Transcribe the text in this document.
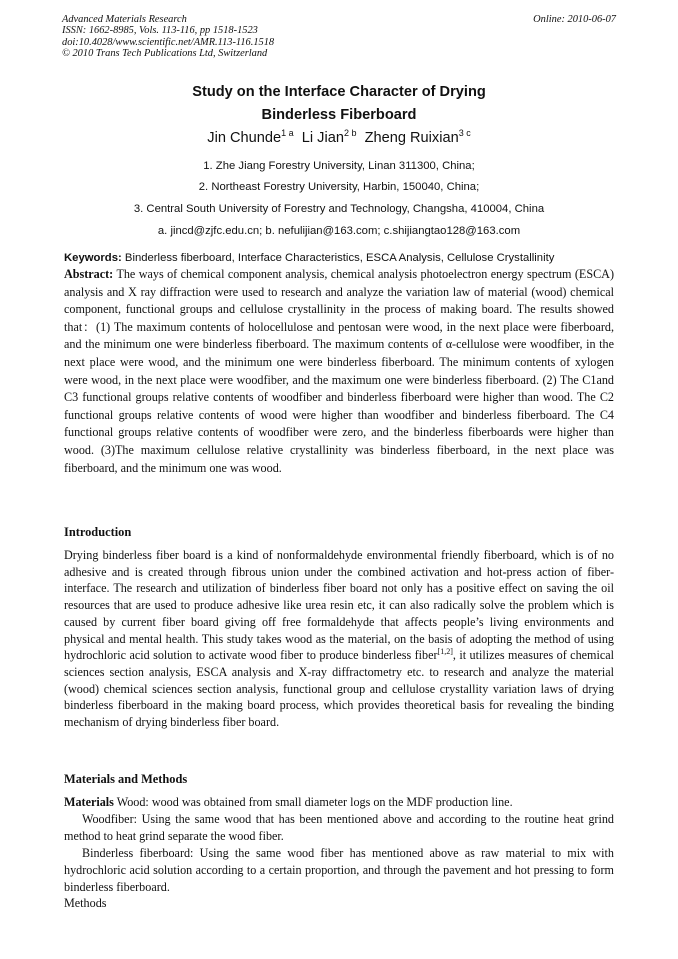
Advanced Materials Research
ISSN: 1662-8985, Vols. 113-116, pp 1518-1523
doi:10.4028/www.scientific.net/AMR.113-116.1518
© 2010 Trans Tech Publications Ltd, Switzerland
Online: 2010-06-07
Study on the Interface Character of Drying
Binderless Fiberboard
Jin Chunde$^{1 a}$ Li Jian$^{2 b}$ Zheng Ruixian$^{3 c}$
1. Zhe Jiang Forestry University, Linan 311300, China;
2. Northeast Forestry University, Harbin, 150040, China;
3. Central South University of Forestry and Technology, Changsha, 410004, China
a. jincd@zjfc.edu.cn; b. nefulijian@163.com; c.shijiangtao128@163.com
Keywords: Binderless fiberboard, Interface Characteristics, ESCA Analysis, Cellulose Crystallinity

Abstract: The ways of chemical component analysis, chemical analysis photoelectron energy spectrum (ESCA) analysis and X ray diffraction were used to research and analyze the variation law of material (wood) chemical component, functional groups and cellulose crystallinity in the process of making board. The results showed that：(1) The maximum contents of holocellulose and pentosan were wood, in the next place were fiberboard, and the minimum one were binderless fiberboard. The maximum contents of α-cellulose were woodfiber, in the next place were wood, and the minimum one were binderless fiberboard. The minimum contents of xylogen were wood, in the next place were woodfiber, and the maximum one were binderless fiberboard. (2) The C1and C3 functional groups relative contents of woodfiber and binderless fiberboard were higher than wood. The C2 functional groups relative contents of wood were higher than woodfiber and binderless fiberboard. The C4 functional groups relative contents of woodfiber were zero, and the binderless fiberboards were higher than wood. (3)The maximum cellulose relative crystallinity was binderless fiberboard, in the next place was fiberboard, and the minimum one was wood.

Introduction

Drying binderless fiber board is a kind of nonformaldehyde environmental friendly fiberboard, which is of no adhesive and is created through fibrous union under the combined activation and hot-press action of fiber-interface. The research and utilization of binderless fiber board not only has a positive effect on saving the oil resources that are used to produce adhesive like urea resin etc, it can also radically solve the problem which is caused by current fiber board giving off free formaldehyde that affects people’s living environments and physical and mental health. This study takes wood as the material, on the basis of adopting the method of using hydrochloric acid solution to activate wood fiber to produce binderless fiber[1,2], it utilizes measures of chemical sciences section analysis, ESCA analysis and X-ray diffractometry etc. to research and analyze the material (wood) chemical sciences section analysis, functional group and cellulose crystallity variation laws of drying binderless fiberboard in the making board process, which provides theoretical basis for revealing the binding mechanism of drying binderless fiber board.

Materials and Methods

Materials Wood: wood was obtained from small diameter logs on the MDF production line.

Woodfiber: Using the same wood that has been mentioned above and according to the routine heat grind method to heat grind separate the wood fiber.

Binderless fiberboard: Using the same wood fiber has mentioned above as raw material to mix with hydrochloric acid solution according to a certain proportion, and through the pavement and hot pressing to form binderless fiberboard.

Methods
